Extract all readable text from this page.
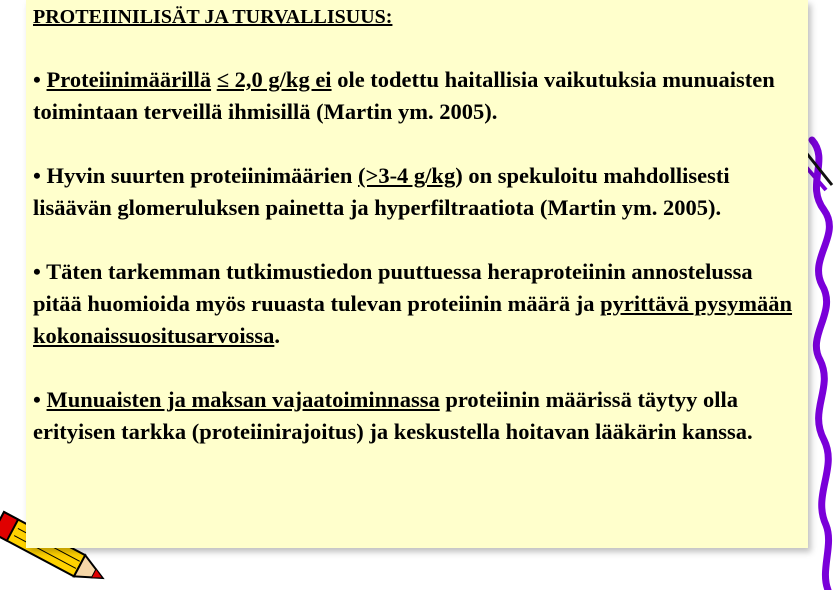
PROTEIINILISÄT JA TURVALLISUUS:
• Proteiinimäärillä ≤ 2,0 g/kg ei ole todettu haitallisia vaikutuksia munuaisten toimintaan terveillä ihmisillä (Martin ym. 2005).
• Hyvin suurten proteiinimäärien (>3-4 g/kg) on spekuloitu mahdollisesti lisäävän glomeruluksen painetta ja hyperfiltraatiota (Martin ym. 2005).
• Täten tarkemman tutkimustiedon puuttuessa heraproteiinin annostelussa pitää huomioida myös ruuasta tulevan proteiinin määrä ja pyrittävä pysymään kokonaissuositusarvoissa.
• Munuaisten ja maksan vajaatoiminnassa proteiinin määrissä täytyy olla erityisen tarkka (proteiinirajoitus) ja keskustella hoitavan lääkärin kanssa.
